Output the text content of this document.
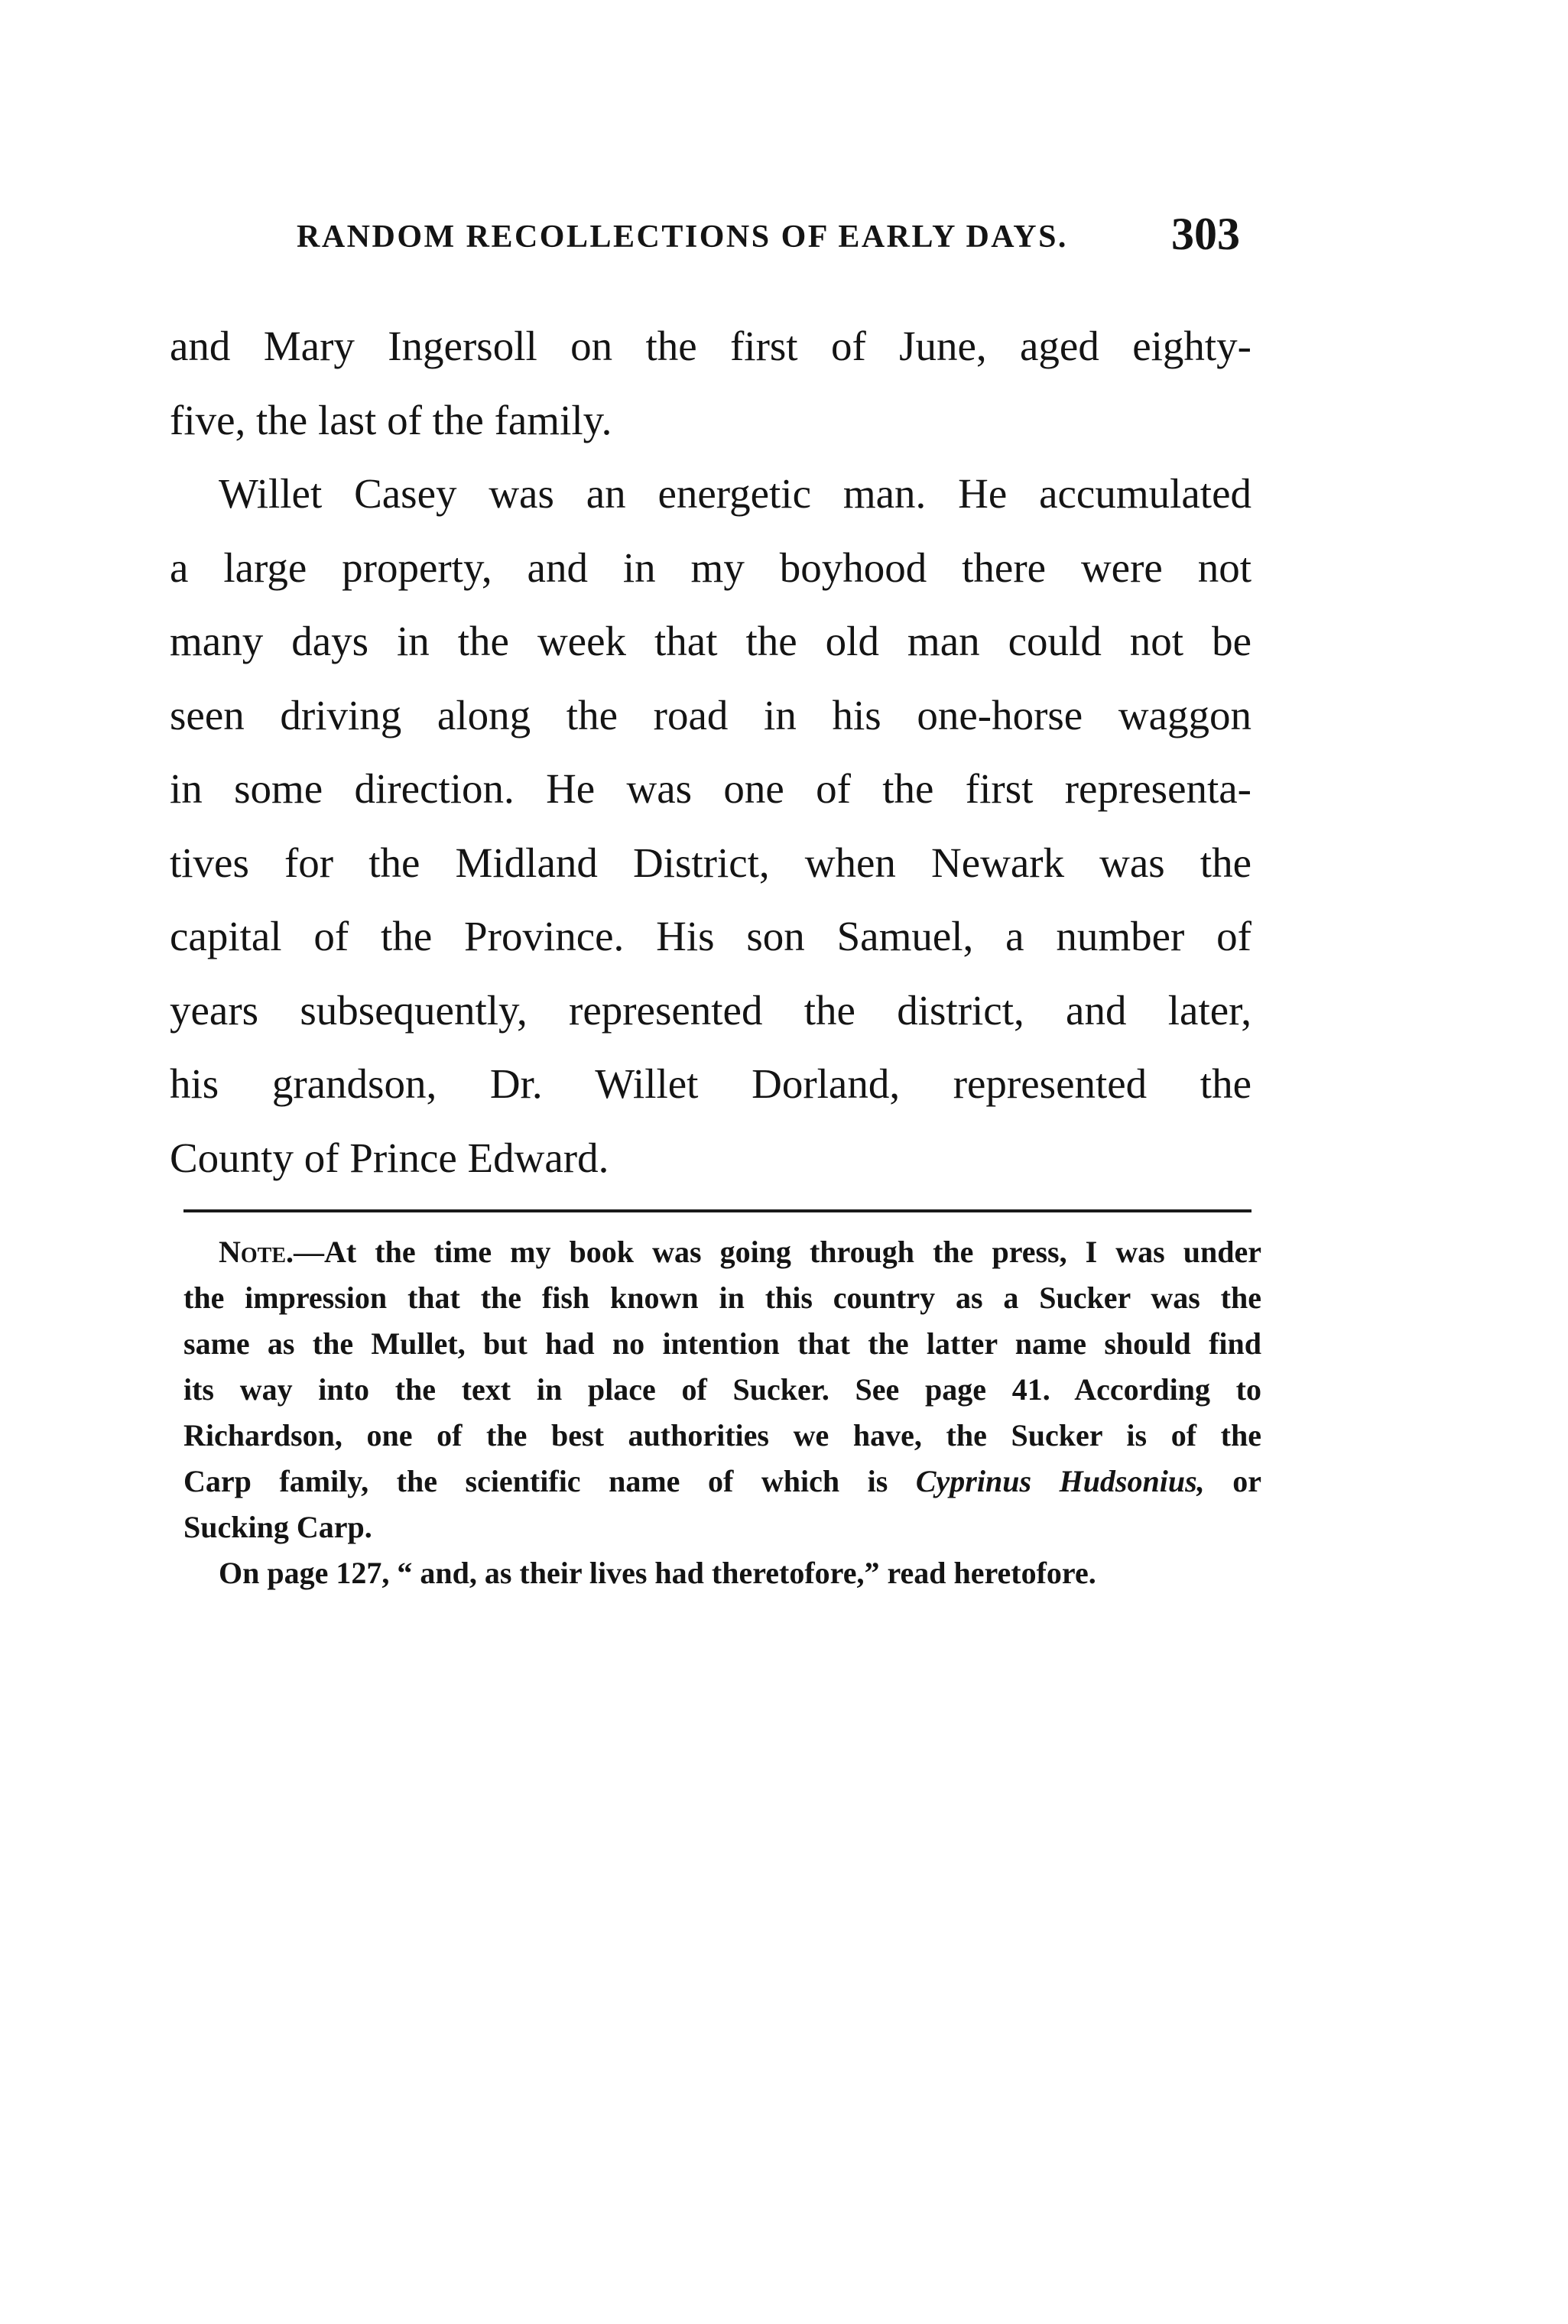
RANDOM RECOLLECTIONS OF EARLY DAYS. 303
and Mary Ingersoll on the first of June, aged eighty-
five, the last of the family.
Willet Casey was an energetic man. He accumulated
a large property, and in my boyhood there were not
many days in the week that the old man could not be
seen driving along the road in his one-horse waggon
in some direction. He was one of the first representa-
tives for the Midland District, when Newark was the
capital of the Province. His son Samuel, a number of
years subsequently, represented the district, and later,
his grandson, Dr. Willet Dorland, represented the
County of Prince Edward.
Note.—At the time my book was going through the press, I was under
the impression that the fish known in this country as a Sucker was the
same as the Mullet, but had no intention that the latter name should find
its way into the text in place of Sucker. See page 41. According to
Richardson, one of the best authorities we have, the Sucker is of the
Carp family, the scientific name of which is Cyprinus Hudsonius, or
Sucking Carp.
On page 127, “ and, as their lives had theretofore,” read heretofore.
